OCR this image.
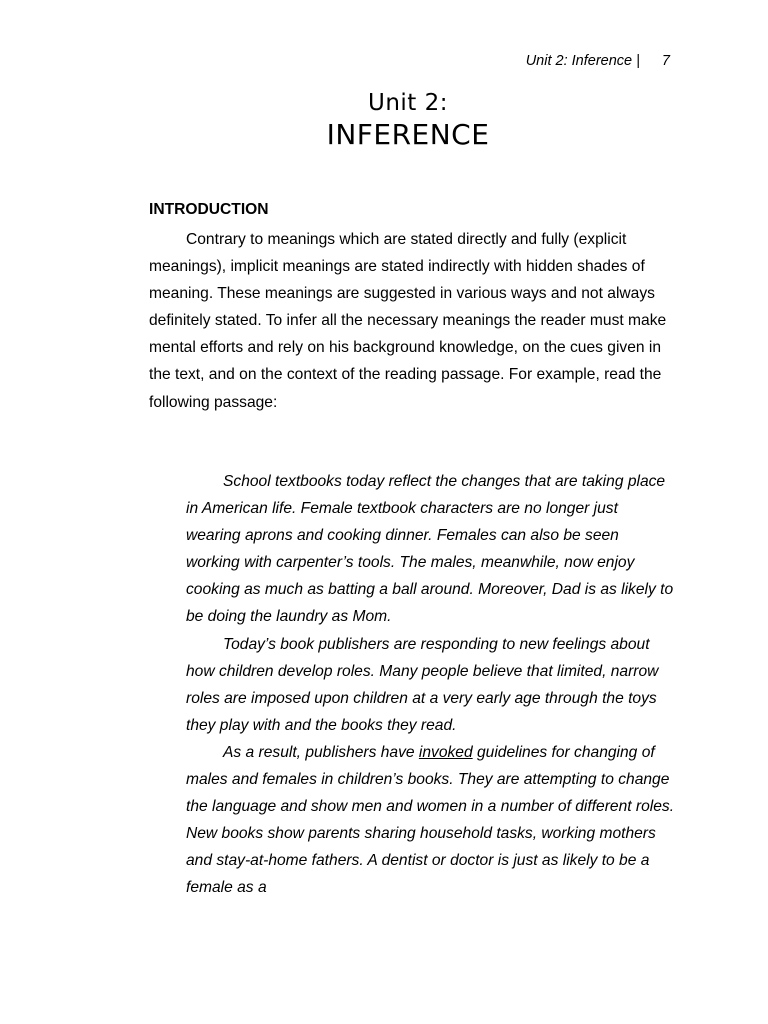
Unit 2: Inference | 7
Unit 2:
INFERENCE
INTRODUCTION

Contrary to meanings which are stated directly and fully (explicit meanings), implicit meanings are stated indirectly with hidden shades of meaning. These meanings are suggested in various ways and not always definitely stated. To infer all the necessary meanings the reader must make mental efforts and rely on his background knowledge, on the cues given in the text, and on the context of the reading passage. For example, read the following passage:

School textbooks today reflect the changes that are taking place in American life. Female textbook characters are no longer just wearing aprons and cooking dinner. Females can also be seen working with carpenter’s tools. The males, meanwhile, now enjoy cooking as much as batting a ball around. Moreover, Dad is as likely to be doing the laundry as Mom.

Today’s book publishers are responding to new feelings about how children develop roles. Many people believe that limited, narrow roles are imposed upon children at a very early age through the toys they play with and the books they read.

As a result, publishers have invoked guidelines for changing of males and females in children’s books. They are attempting to change the language and show men and women in a number of different roles. New books show parents sharing household tasks, working mothers and stay-at-home fathers. A dentist or doctor is just as likely to be a female as a
